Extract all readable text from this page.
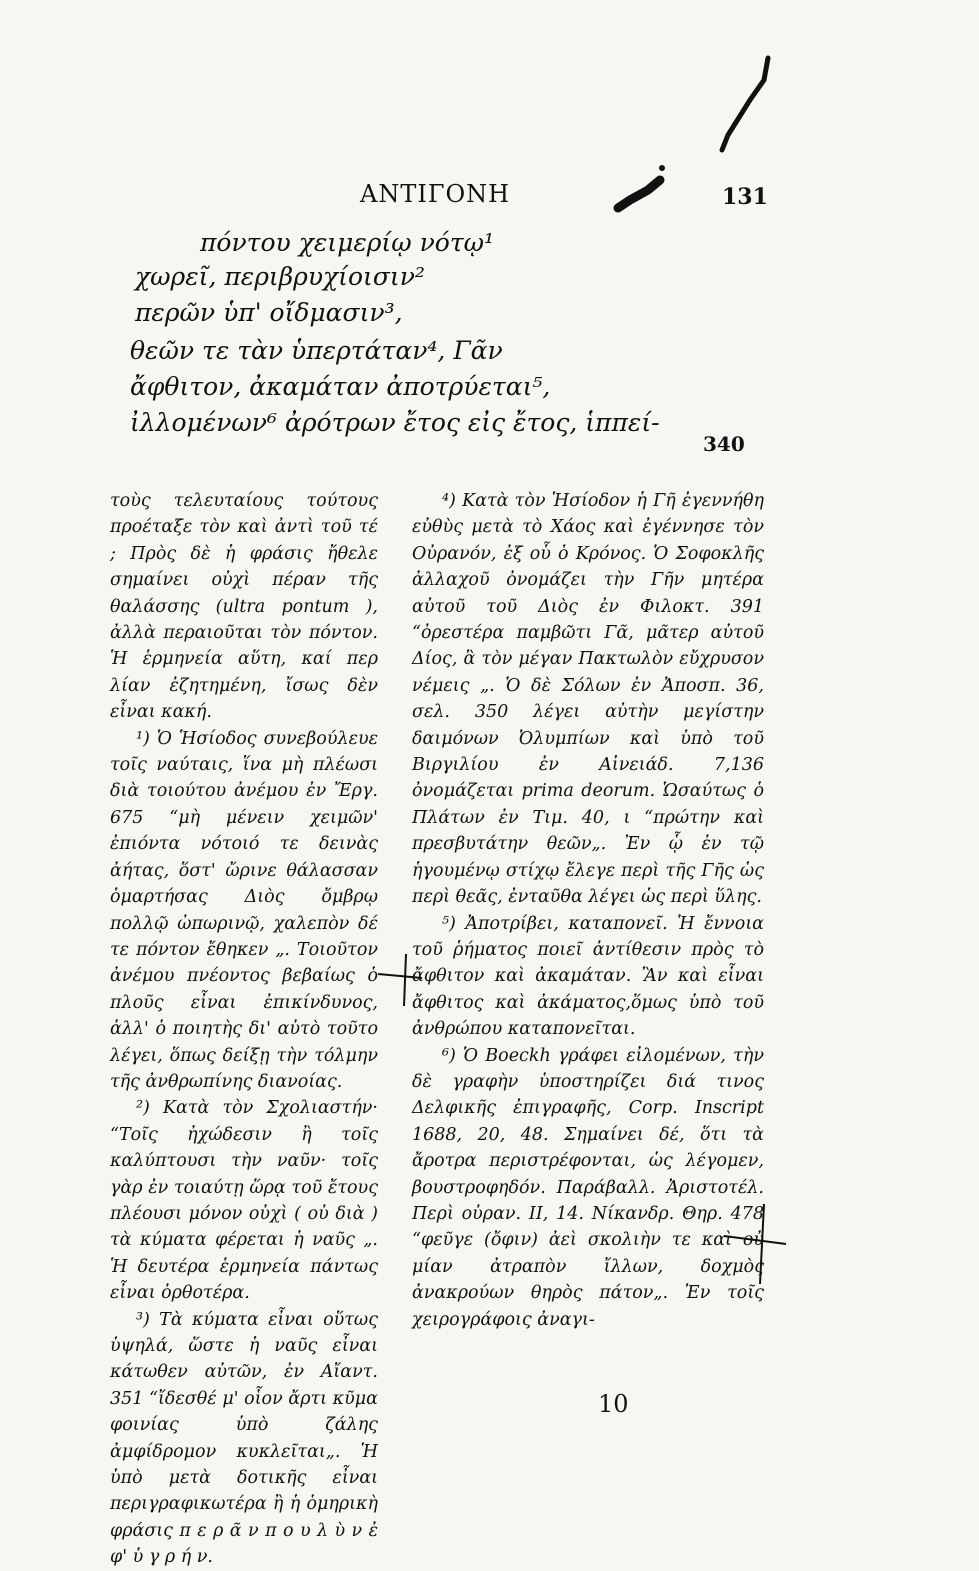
ΑΝΤΙΓΟΝΗ	131
πόντου χειμερίῳ νότῳ¹
χωρεῖ, περιβρυχίοισιν²
περῶν ὑπ' οἴδμασιν³,
θεῶν τε τὰν ὑπερτάταν⁴, Γᾶν
ἄφθιτον, ἀκαμάταν ἀποτρύεται⁵,
ἰλλομένων⁶ ἀρότρων ἔτος εἰς ἔτος, ἱππεί-
340

τοὺς τελευταίους τούτους προέταξε τὸν καὶ ἀντὶ τοῦ τέ ; Πρὸς δὲ ἡ φράσις ἤθελε σημαίνει οὐχὶ πέραν τῆς θαλάσσης (ultra pontum ), ἀλλὰ περαιοῦται τὸν πόντον. Ἡ ἑρμηνεία αὕτη, καί περ λίαν ἐζητημένη, ἴσως δὲν εἶναι κακή.

¹) Ὁ Ἡσίοδος συνεβούλευε τοῖς ναύταις, ἵνα μὴ πλέωσι διὰ τοιούτου ἀνέμου ἐν Ἔργ. 675 “μὴ μένειν χειμῶν' ἐπιόντα νότοιό τε δεινὰς ἀήτας, ὅστ' ὤρινε θάλασσαν ὁμαρτήσας Διὸς ὄμβρῳ πολλῷ ὠπωρινῷ, χαλεπὸν δέ τε πόντον ἔθηκεν „. Τοιοῦτον ἀνέμου πνέοντος βεβαίως ὁ πλοῦς εἶναι ἐπικίνδυνος, ἀλλ' ὁ ποιητὴς δι' αὐτὸ τοῦτο λέγει, ὅπως δείξῃ τὴν τόλμην τῆς ἀνθρωπίνης διανοίας.

²) Κατὰ τὸν Σχολιαστήν· “Τοῖς ἠχώδεσιν ἢ τοῖς καλύπτουσι τὴν ναῦν· τοῖς γὰρ ἐν τοιαύτῃ ὥρᾳ τοῦ ἔτους πλέουσι μόνον οὐχὶ ( οὐ διὰ ) τὰ κύματα φέρεται ἡ ναῦς „. Ἡ δευτέρα ἑρμηνεία πάντως εἶναι ὀρθοτέρα.

³) Τὰ κύματα εἶναι οὕτως ὑψηλά, ὥστε ἡ ναῦς εἶναι κάτωθεν αὐτῶν, ἐν Αἴαντ. 351 “ἴδεσθέ μ' οἷον ἄρτι κῦμα φοινίας ὑπὸ ζάλης ἀμφίδρομον κυκλεῖται„. Ἡ ὑπὸ μετὰ δοτικῆς εἶναι περιγραφικωτέρα ἢ ἡ ὁμηρικὴ φράσις π ε ρ ᾶ ν π ο υ λ ὺ ν ἐ φ' ὑ γ ρ ή ν.

⁴) Κατὰ τὸν Ἡσίοδον ἡ Γῆ ἐγεννήθη εὐθὺς μετὰ τὸ Χάος καὶ ἐγέννησε τὸν Οὐρανόν, ἐξ οὗ ὁ Κρόνος. Ὁ Σοφοκλῆς ἀλλαχοῦ ὀνομάζει τὴν Γῆν μητέρα αὐτοῦ τοῦ Διὸς ἐν Φιλοκτ. 391 “ὀρεστέρα παμβῶτι Γᾶ, μᾶτερ αὐτοῦ Δίος, ἃ τὸν μέγαν Πακτωλὸν εὔχρυσον νέμεις „. Ὁ δὲ Σόλων ἐν Ἀποσπ. 36, σελ. 350 λέγει αὐτὴν μεγίστην δαιμόνων Ὀλυμπίων καὶ ὑπὸ τοῦ Βιργιλίου ἐν Αἰνειάδ. 7,136 ὀνομάζεται prima deorum. Ὡσαύτως ὁ Πλάτων ἐν Τιμ. 40, ι “πρώτην καὶ πρεσβυτάτην θεῶν„. Ἐν ᾧ ἐν τῷ ἡγουμένῳ στίχῳ ἔλεγε περὶ τῆς Γῆς ὡς περὶ θεᾶς, ἐνταῦθα λέγει ὡς περὶ ὕλης.

⁵) Ἀποτρίβει, καταπονεῖ. Ἡ ἔννοια τοῦ ῥήματος ποιεῖ ἀντίθεσιν πρὸς τὸ ἄφθιτον καὶ ἀκαμάταν. Ἂν καὶ εἶναι ἄφθιτος καὶ ἀκάματος,ὅμως ὑπὸ τοῦ ἀνθρώπου καταπονεῖται.

⁶) Ὁ Boeckh γράφει εἰλομένων, τὴν δὲ γραφὴν ὑποστηρίζει διά τινος Δελφικῆς ἐπιγραφῆς, Corp. Inscript 1688, 20, 48. Σημαίνει δέ, ὅτι τὰ ἄροτρα περιστρέφονται, ὡς λέγομεν, βουστροφηδόν. Παράβαλλ. Ἀριστοτέλ. Περὶ οὐραν. II, 14. Νίκανδρ. Θηρ. 478 “φεῦγε (ὄφιν) ἀεὶ σκολιὴν τε καὶ οὐ μίαν ἀτραπὸν ἴλλων, δοχμὸς ἀνακρούων θηρὸς πάτον„. Ἐν τοῖς χειρογράφοις ἀναγι-

10
